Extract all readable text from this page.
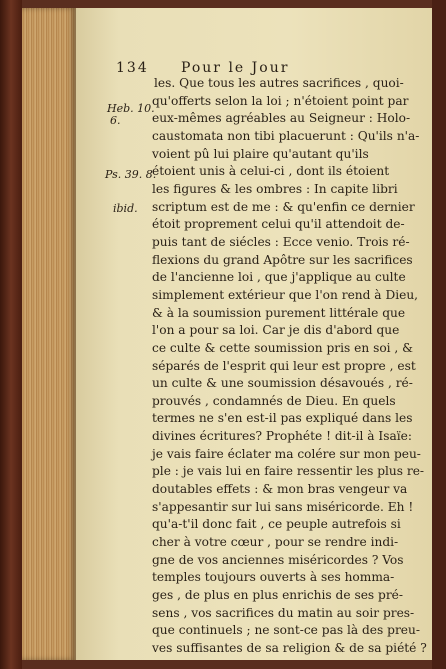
134 Pour le Jour
Heb. 10.
6.
Ps. 39. 8.
ibid.
les. Que tous les autres sacrifices , quoi-
qu'offerts selon la loi ; n'étoient point par
eux-mêmes agréables au Seigneur : Holo-
caustomata non tibi placuerunt : Qu'ils n'a-
voient pû lui plaire qu'autant qu'ils
étoient unis à celui-ci , dont ils étoient
les figures & les ombres : In capite libri
scriptum est de me : & qu'enfin ce dernier
étoit proprement celui qu'il attendoit de-
puis tant de siécles : Ecce venio. Trois ré-
flexions du grand Apôtre sur les sacrifices
de l'ancienne loi , que j'applique au culte
simplement extérieur que l'on rend à Dieu,
& à la soumission purement littérale que
l'on a pour sa loi. Car je dis d'abord que
ce culte & cette soumission pris en soi , &
séparés de l'esprit qui leur est propre , est
un culte & une soumission désavoués , ré-
prouvés , condamnés de Dieu. En quels
termes ne s'en est-il pas expliqué dans les
divines écritures? Prophéte ! dit-il à Isaïe:
je vais faire éclater ma colére sur mon peu-
ple : je vais lui en faire ressentir les plus re-
doutables effets : & mon bras vengeur va
s'appesantir sur lui sans miséricorde. Eh !
qu'a-t'il donc fait , ce peuple autrefois si
cher à votre cœur , pour se rendre indi-
gne de vos anciennes miséricordes ? Vos
temples toujours ouverts à ses homma-
ges , de plus en plus enrichis de ses pré-
sens , vos sacrifices du matin au soir pres-
que continuels ; ne sont-ce pas là des preu-
ves suffisantes de sa religion & de sa piété ?
